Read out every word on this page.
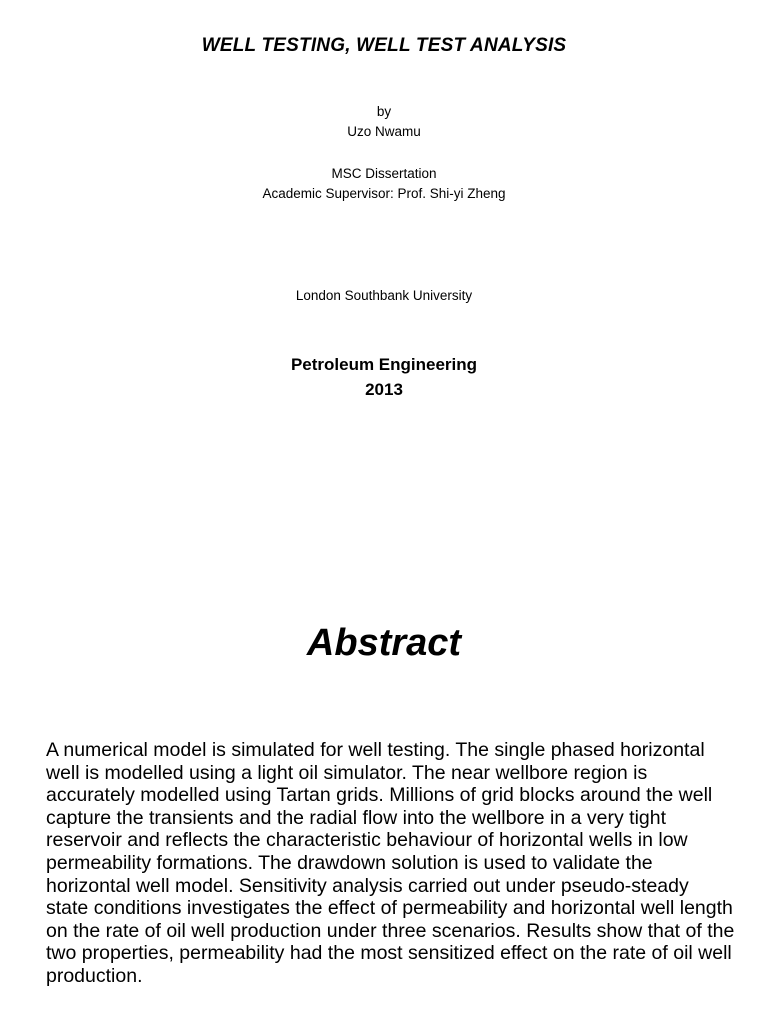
WELL TESTING, WELL TEST ANALYSIS
by
Uzo Nwamu
MSC Dissertation
Academic Supervisor: Prof. Shi-yi Zheng
London Southbank University
Petroleum Engineering
2013
Abstract
A numerical model is simulated for well testing. The single phased horizontal well is modelled using a light oil simulator. The near wellbore region is accurately modelled using Tartan grids. Millions of grid blocks around the well capture the transients and the radial flow into the wellbore in a very tight reservoir and reflects the characteristic behaviour of horizontal wells in low permeability formations. The drawdown solution is used to validate the horizontal well model. Sensitivity analysis carried out under pseudo-steady state conditions investigates the effect of permeability and horizontal well length on the rate of oil well production under three scenarios. Results show that of the two properties, permeability had the most sensitized effect on the rate of oil well production.
